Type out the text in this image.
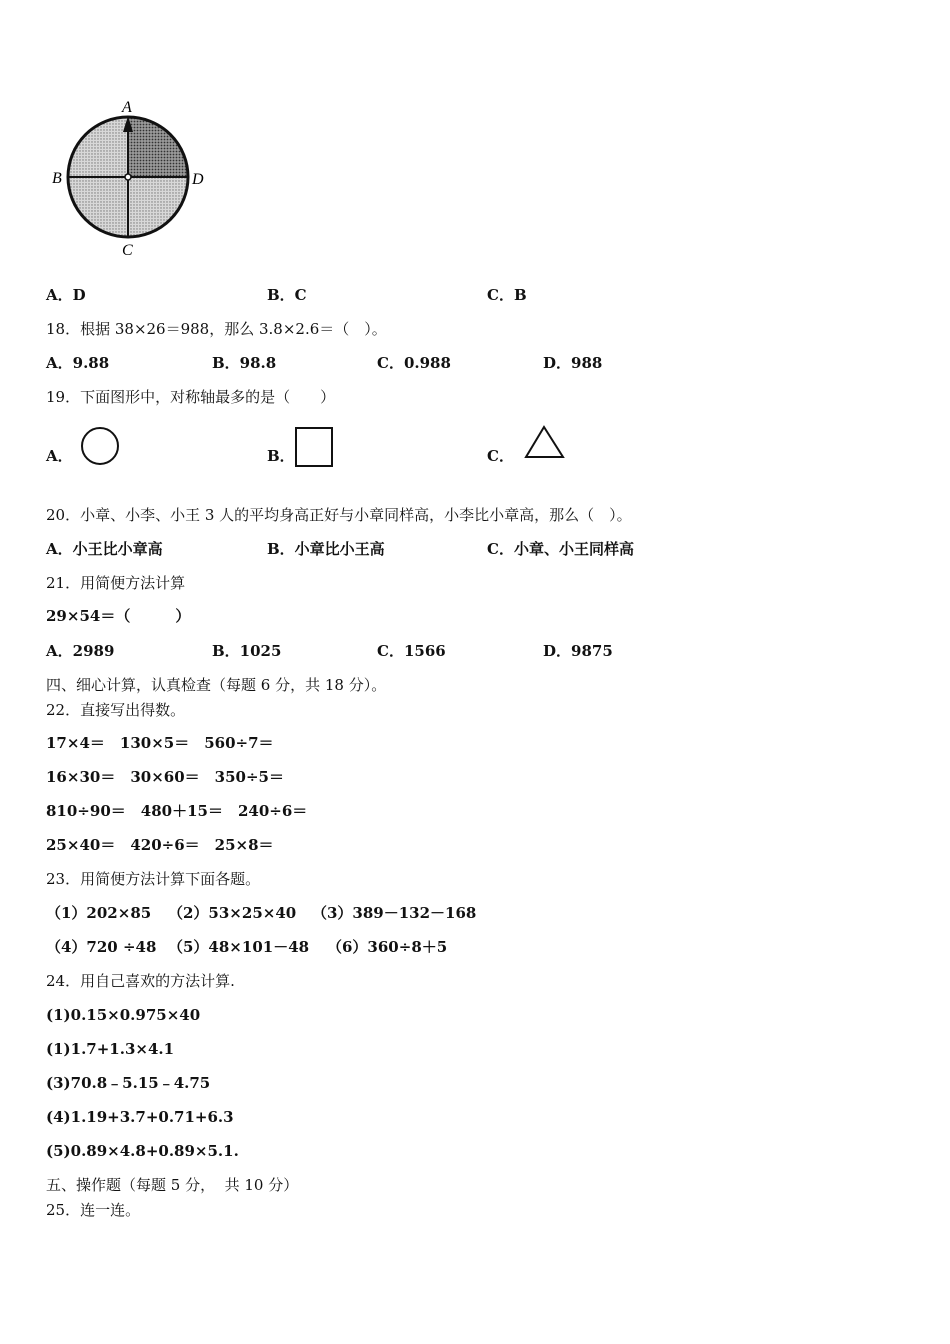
A
B	D
C
A．D	B．C	C．B
18．根据 38×26＝988，那么 3.8×2.6＝（　）。
A．9.88	B．98.8	C．0.988	D．988
19．下面图形中，对称轴最多的是（　　）
A．	B．	C．
20．小章、小李、小王 3 人的平均身高正好与小章同样高，小李比小章高，那么（　）。
A．小王比小章高	B．小章比小王高	C．小章、小王同样高
21．用简便方法计算
29×54＝（　　　）
A．2989	B．1025	C．1566	D．9875
四、细心计算，认真检查（每题 6 分，共 18 分）。
22．直接写出得数。
17×4＝　130×5＝　560÷7＝
16×30＝　30×60＝　350÷5＝
810÷90＝　480＋15＝　240÷6＝
25×40＝　420÷6＝　25×8＝
23．用简便方法计算下面各题。
（1）202×85 （2）53×25×40 （3）389－132－168
（4）720 ÷48 （5）48×101－48 （6）360÷8＋5
24．用自己喜欢的方法计算.
(1)0.15×0.975×40
(1)1.7+1.3×4.1
(3)70.8﹣5.15﹣4.75
(4)1.19+3.7+0.71+6.3
(5)0.89×4.8+0.89×5.1.
五、操作题（每题 5 分，  共 10 分）
25．连一连。
